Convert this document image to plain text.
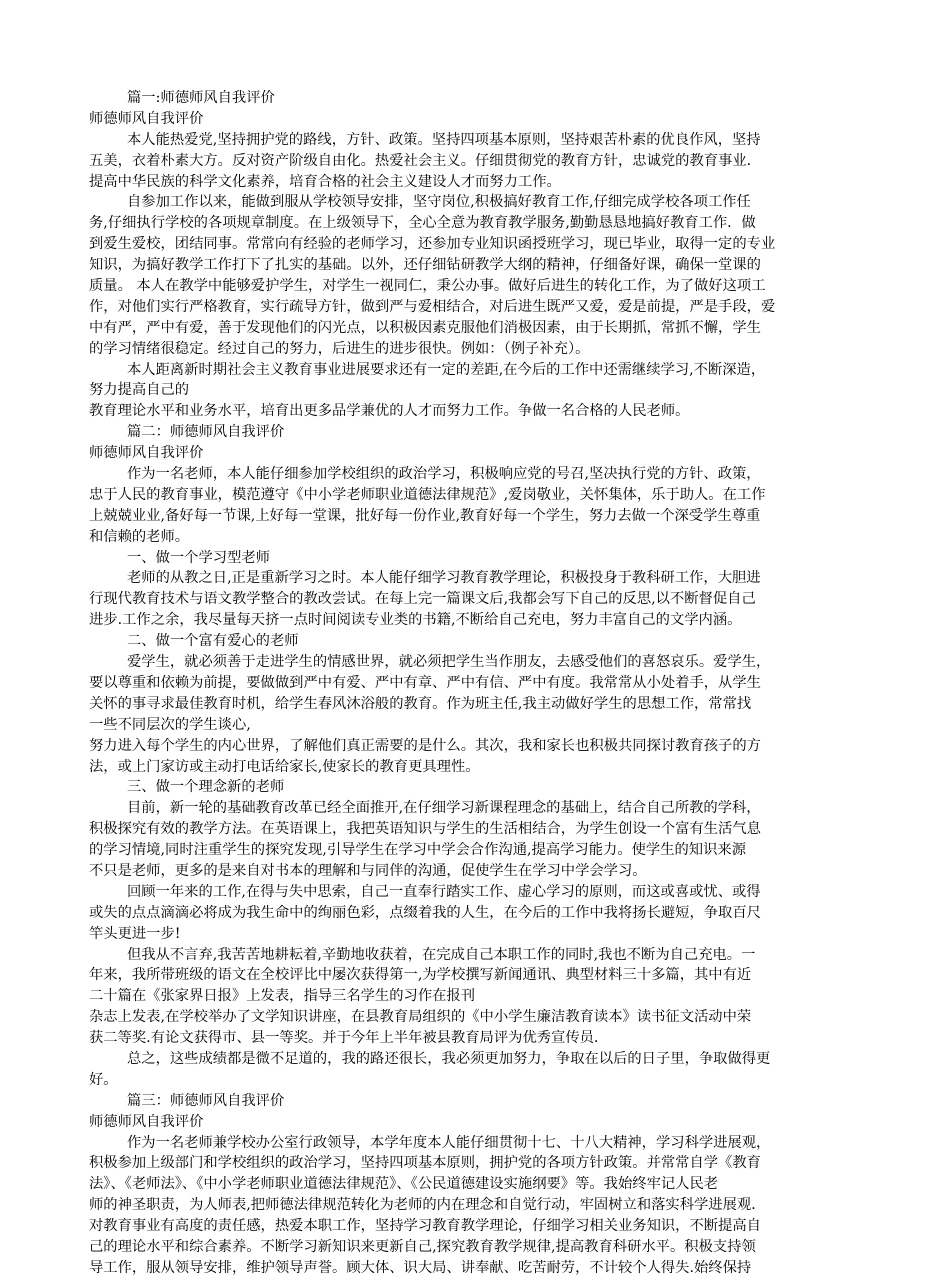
篇一:师德师风自我评价
师德师风自我评价
本人能热爱党,坚持拥护党的路线，方针、政策。坚持四项基本原则，坚持艰苦朴素的优良作风，坚持
五美，衣着朴素大方。反对资产阶级自由化。热爱社会主义。仔细贯彻党的教育方针，忠诚党的教育事业．
提高中华民族的科学文化素养，培育合格的社会主义建设人才而努力工作。
自参加工作以来，能做到服从学校领导安排，坚守岗位,积极搞好教育工作,仔细完成学校各项工作任
务,仔细执行学校的各项规章制度。在上级领导下，全心全意为教育教学服务,勤勤恳恳地搞好教育工作．做
到爱生爱校，团结同事。常常向有经验的老师学习，还参加专业知识函授班学习，现已毕业，取得一定的专业
知识，为搞好教学工作打下了扎实的基础。以外，还仔细钻研教学大纲的精神，仔细备好课，确保一堂课的
质量。 本人在教学中能够爱护学生，对学生一视同仁，秉公办事。做好后进生的转化工作，为了做好这项工
作，对他们实行严格教育，实行疏导方针，做到严与爱相结合，对后进生既严又爱，爱是前提，严是手段，爱
中有严，严中有爱，善于发现他们的闪光点，以积极因素克服他们消极因素，由于长期抓，常抓不懈，学生
的学习情绪很稳定。经过自己的努力，后进生的进步很快。例如：（例子补充）。
本人距离新时期社会主义教育事业进展要求还有一定的差距,在今后的工作中还需继续学习,不断深造，
努力提高自己的
教育理论水平和业务水平，培育出更多品学兼优的人才而努力工作。争做一名合格的人民老师。
篇二：师德师风自我评价
师德师风自我评价
作为一名老师，本人能仔细参加学校组织的政治学习，积极响应党的号召,坚决执行党的方针、政策，
忠于人民的教育事业，模范遵守《中小学老师职业道德法律规范》,爱岗敬业，关怀集体，乐于助人。在工作
上兢兢业业,备好每一节课,上好每一堂课，批好每一份作业,教育好每一个学生，努力去做一个深受学生尊重
和信赖的老师。
一、做一个学习型老师
老师的从教之日,正是重新学习之时。本人能仔细学习教育教学理论，积极投身于教科研工作，大胆进
行现代教育技术与语文教学整合的教改尝试。在每上完一篇课文后,我都会写下自己的反思,以不断督促自己
进步.工作之余，我尽量每天挤一点时间阅读专业类的书籍,不断给自己充电，努力丰富自己的文学内涵。
二、做一个富有爱心的老师
爱学生，就必须善于走进学生的情感世界，就必须把学生当作朋友，去感受他们的喜怒哀乐。爱学生，
要以尊重和依赖为前提，要做做到严中有爱、严中有章、严中有信、严中有度。我常常从小处着手，从学生
关怀的事寻求最佳教育时机，给学生春风沐浴般的教育。作为班主任,我主动做好学生的思想工作，常常找
一些不同层次的学生谈心,
努力进入每个学生的内心世界，了解他们真正需要的是什么。其次，我和家长也积极共同探讨教育孩子的方
法，或上门家访或主动打电话给家长,使家长的教育更具理性。
三、做一个理念新的老师
目前，新一轮的基础教育改革已经全面推开,在仔细学习新课程理念的基础上，结合自己所教的学科，
积极探究有效的教学方法。在英语课上，我把英语知识与学生的生活相结合，为学生创设一个富有生活气息
的学习情境,同时注重学生的探究发现,引导学生在学习中学会合作沟通,提高学习能力。使学生的知识来源
不只是老师，更多的是来自对书本的理解和与同伴的沟通，促使学生在学习中学会学习。
回顾一年来的工作,在得与失中思索，自己一直奉行踏实工作、虚心学习的原则，而这或喜或忧、或得
或失的点点滴滴必将成为我生命中的绚丽色彩，点缀着我的人生，在今后的工作中我将扬长避短，争取百尺
竿头更进一步!
但我从不言弃,我苦苦地耕耘着,辛勤地收获着，在完成自己本职工作的同时,我也不断为自己充电。一
年来，我所带班级的语文在全校评比中屡次获得第一,为学校撰写新闻通讯、典型材料三十多篇，其中有近
二十篇在《张家界日报》上发表，指导三名学生的习作在报刊
杂志上发表,在学校举办了文学知识讲座，在县教育局组织的《中小学生廉洁教育读本》读书征文活动中荣
获二等奖.有论文获得市、县一等奖。并于今年上半年被县教育局评为优秀宣传员．
总之，这些成绩都是微不足道的，我的路还很长，我必须更加努力，争取在以后的日子里，争取做得更
好。
篇三：师德师风自我评价
师德师风自我评价
作为一名老师兼学校办公室行政领导，本学年度本人能仔细贯彻十七、十八大精神，学习科学进展观，
积极参加上级部门和学校组织的政治学习，坚持四项基本原则，拥护党的各项方针政策。并常常自学《教育
法》、《老师法》、《中小学老师职业道德法律规范》、《公民道德建设实施纲要》等。我始终牢记人民老
师的神圣职责，为人师表,把师德法律规范转化为老师的内在理念和自觉行动，牢固树立和落实科学进展观．
对教育事业有高度的责任感，热爱本职工作，坚持学习教育教学理论，仔细学习相关业务知识，不断提高自
己的理论水平和综合素养。不断学习新知识来更新自己,探究教育教学规律,提高教育科研水平。积极支持领
导工作，服从领导安排，维护领导声誉。顾大体、识大局、讲奉献、吃苦耐劳，不计较个人得失.始终保持
